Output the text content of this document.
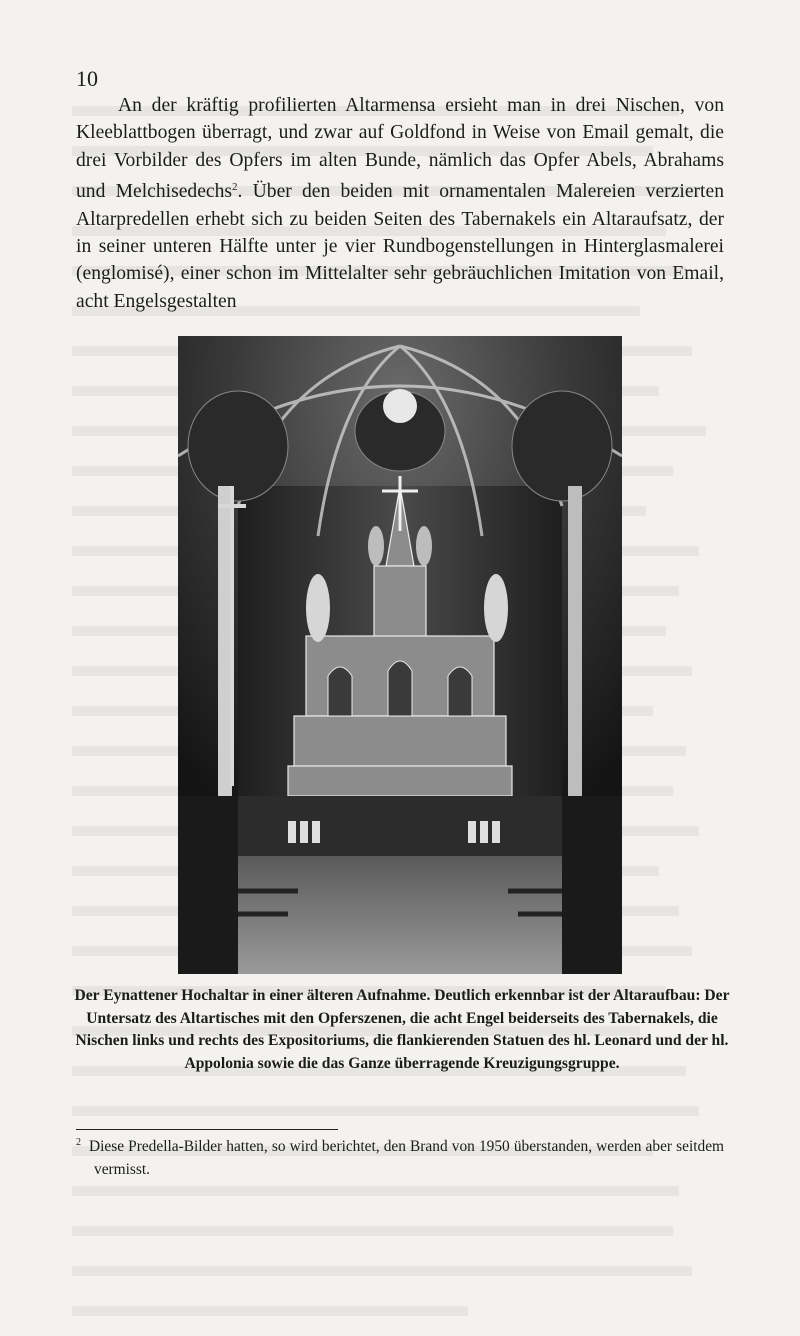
10

An der kräftig profilierten Altarmensa ersieht man in drei Nischen, von Kleeblattbogen überragt, und zwar auf Goldfond in Weise von Email gemalt, die drei Vorbilder des Opfers im alten Bunde, nämlich das Opfer Abels, Abrahams und Melchisedechs$^2$. Über den beiden mit ornamentalen Malereien verzierten Altarpredellen erhebt sich zu beiden Seiten des Tabernakels ein Altaraufsatz, der in seiner unteren Hälfte unter je vier Rundbogenstellungen in Hinterglasmalerei (englomisé), einer schon im Mittelalter sehr gebräuchlichen Imitation von Email, acht Engelsgestalten

Der Eynattener Hochaltar in einer älteren Aufnahme. Deutlich erkennbar ist der Altaraufbau: Der Untersatz des Altartisches mit den Opferszenen, die acht Engel beiderseits des Tabernakels, die Nischen links und rechts des Expositoriums, die flankierenden Statuen des hl. Leonard und der hl. Appolonia sowie die das Ganze überragende Kreuzigungsgruppe.

$^2$ Diese Predella-Bilder hatten, so wird berichtet, den Brand von 1950 überstanden, werden aber seitdem vermisst.
